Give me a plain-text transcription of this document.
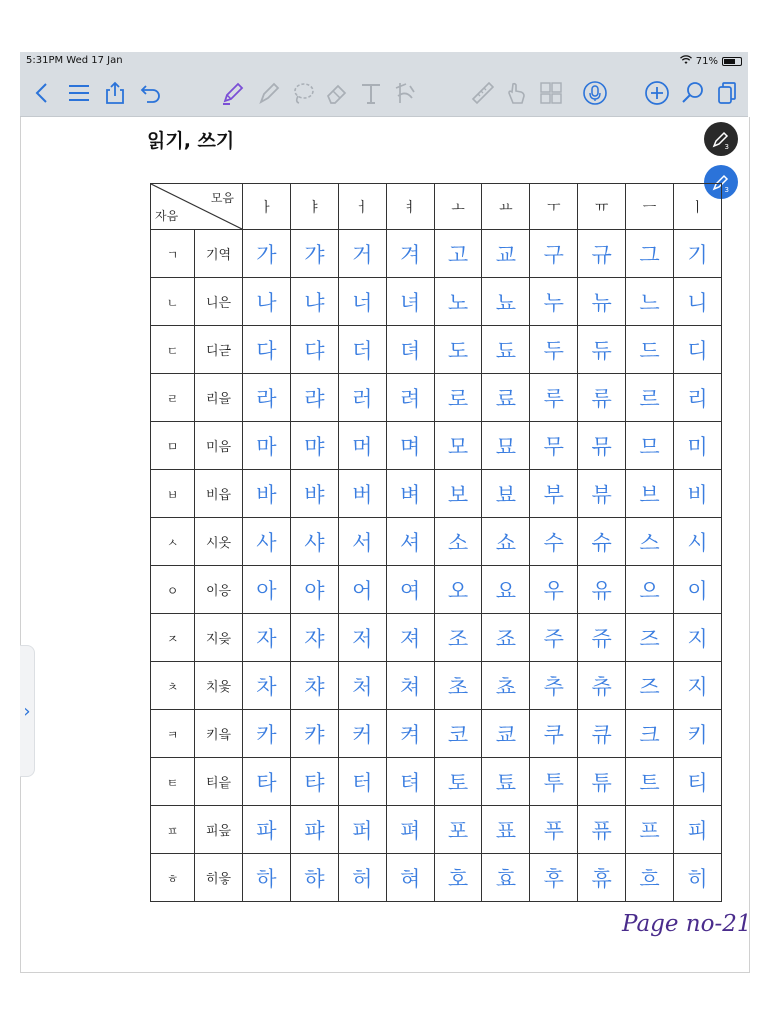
5:31PM Wed 17 Jan	71%
읽기, 쓰기	3
3
›
모음
자음		ㅏ	ㅑ	ㅓ	ㅕ	ㅗ	ㅛ	ㅜ	ㅠ	ㅡ	ㅣ
ㄱ	기역	가	갸	거	겨	고	교	구	규	그	기
ㄴ	니은	나	냐	너	녀	노	뇨	누	뉴	느	니
ㄷ	디귿	다	댜	더	뎌	도	됴	두	듀	드	디
ㄹ	리을	라	랴	러	려	로	료	루	류	르	리
ㅁ	미음	마	먀	머	며	모	묘	무	뮤	므	미
ㅂ	비읍	바	뱌	버	벼	보	뵤	부	뷰	브	비
ㅅ	시옷	사	샤	서	셔	소	쇼	수	슈	스	시
ㅇ	이응	아	야	어	여	오	요	우	유	으	이
ㅈ	지읒	자	쟈	저	져	조	죠	주	쥬	즈	지
ㅊ	치읓	차	챠	처	쳐	초	쵸	추	츄	즈	지
ㅋ	키읔	카	캬	커	켜	코	쿄	쿠	큐	크	키
ㅌ	티읕	타	탸	터	텨	토	툐	투	튜	트	티
ㅍ	피읖	파	퍄	퍼	펴	포	표	푸	퓨	프	피
ㅎ	히읗	하	햐	허	혀	호	효	후	휴	흐	히
Page no-21
